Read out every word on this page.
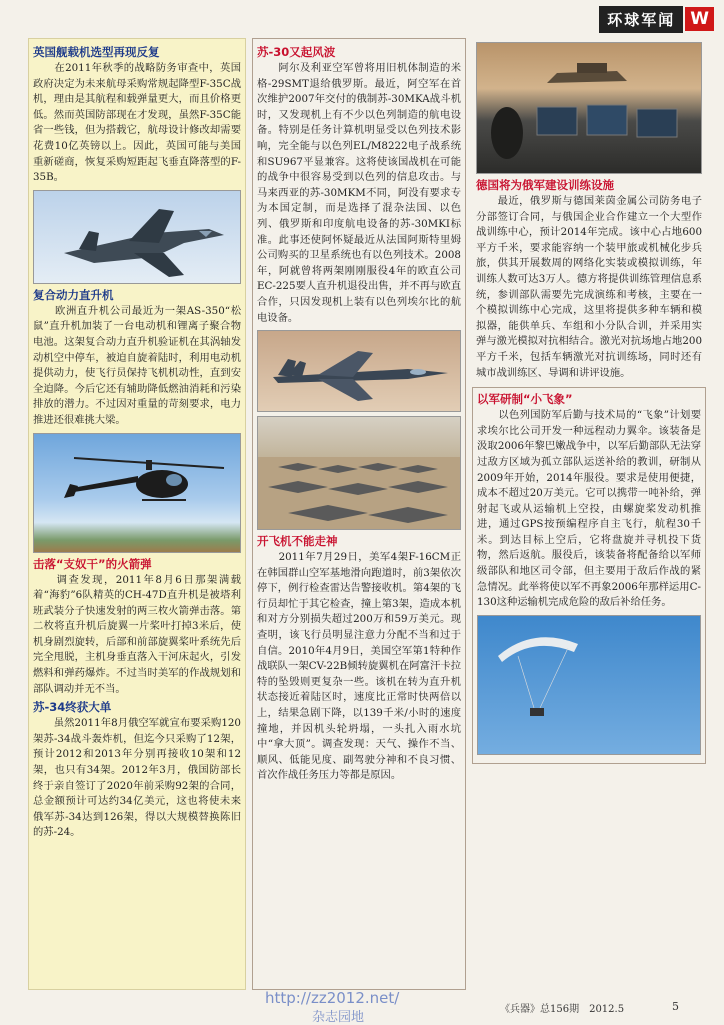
环球军闻 W
英国舰载机选型再现反复
　　在2011年秋季的战略防务审查中，英国政府决定为未来航母采购常规起降型F-35C战机，理由是其航程和载弹量更大，而且价格更低。然而英国防部现在才发现，虽然F-35C能省一些钱，但为搭载它，航母设计修改却需要花费10亿英镑以上。因此，英国可能与美国重新磋商，恢复采购短距起飞垂直降落型的F-35B。
复合动力直升机
　　欧洲直升机公司最近为一架AS-350“松鼠”直升机加装了一台电动机和锂离子聚合物电池。这架复合动力直升机验证机在其涡轴发动机空中停车，被迫自旋着陆时，利用电动机提供动力，使飞行员保持飞机机动性，直到安全迫降。今后它还有辅助降低燃油消耗和污染排放的潜力。不过因对重量的苛刻要求，电力推进还很难挑大梁。
击落“支奴干”的火箭弹
　　调查发现，2011年8月6日那架满载着“海豹”6队精英的CH-47D直升机是被塔利班武装分子快速发射的两三枚火箭弹击落。第二枚将直升机后旋翼一片桨叶打掉3米后，使机身剧烈旋转，后部和前部旋翼桨叶系统先后完全甩脱，主机身垂直落入干河床起火，引发燃料和弹药爆炸。不过当时美军的作战规划和部队调动并无不当。
苏-34终获大单
　　虽然2011年8月俄空军就宣布要采购120架苏-34战斗轰炸机，但迄今只采购了12架，预计2012和2013年分别再接收10架和12架，也只有34架。2012年3月，俄国防部长终于亲自签订了2020年前采购92架的合同，总金额预计可达约34亿美元，这也将使未来俄军苏-34达到126架，得以大规模替换陈旧的苏-24。
苏-30又起风波
　　阿尔及利亚空军曾将用旧机体制造的米格-29SMT退给俄罗斯。最近，阿空军在首次维护2007年交付的俄制苏-30MKA战斗机时，又发现机上有不少以色列制造的航电设备。特别是任务计算机明显受以色列技术影响，完全能与以色列EL/M8222电子战系统和SU967平显兼容。这将使该国战机在可能的战争中很容易受到以色列的信息攻击。与马来西亚的苏-30MKM不同，阿没有要求专为本国定制，而是选择了混杂法国、以色列、俄罗斯和印度航电设备的苏-30MKI标准。此事还使阿怀疑最近从法国阿斯特里姆公司购买的卫星系统也有以色列技术。2008年，阿就曾将两架刚刚服役4年的欧直公司EC-225要人直升机退役出售，并不再与欧直合作，只因发现机上装有以色列埃尔比的航电设备。
开飞机不能走神
　　2011年7月29日，美军4架F-16CM正在韩国群山空军基地滑向跑道时，前3架依次停下，例行检查雷达告警接收机。第4架的飞行员却忙于其它检查，撞上第3架，造成本机和对方分别损失超过200万和59万美元。现查明，该飞行员明显注意力分配不当和过于自信。2010年4月9日，美国空军第1特种作战联队一架CV-22B倾转旋翼机在阿富汗卡拉特的坠毁则更复杂一些。该机在转为直升机状态接近着陆区时，速度比正常时快两倍以上，结果急剧下降，以139千米/小时的速度撞地，并因机头轮坍塌，一头扎入雨水坑中“拿大顶”。调查发现：天气、操作不当、顺风、低能见度、副驾驶分神和不良习惯、首次作战任务压力等都是原因。
德国将为俄军建设训练设施
　　最近，俄罗斯与德国莱茵金属公司防务电子分部签订合同，与俄国企业合作建立一个大型作战训练中心，预计2014年完成。该中心占地600平方千米，要求能容纳一个装甲旅或机械化步兵旅，供其开展数周的网络化实装或模拟训练，年训练人数可达3万人。德方将提供训练管理信息系统，参训部队需要先完成演练和考核，主要在一个模拟训练中心完成，这里将提供多种车辆和模拟器，能供单兵、车组和小分队合训，并采用实弹与激光模拟对抗相结合。激光对抗场地占地200平方千米，包括车辆激光对抗训练场，同时还有城市战训练区、导调和讲评设施。
以军研制“小飞象”
　　以色列国防军后勤与技术局的“飞象”计划要求埃尔比公司开发一种远程动力翼伞。该装备是汲取2006年黎巴嫩战争中，以军后勤部队无法穿过敌方区域为孤立部队运送补给的教训，研制从2009年开始，2014年服役。要求是使用便捷，成本不超过20万美元。它可以携带一吨补给，弹射起飞或从运输机上空投，由螺旋桨发动机推进，通过GPS按预编程序自主飞行，航程30千米。到达目标上空后，它将盘旋并寻机投下货物，然后返航。服役后，该装备将配备给以军师级部队和地区司令部，但主要用于敌后作战的紧急情况。此举将使以军不再象2006年那样运用C-130这种运输机完成危险的敌后补给任务。
http://zz2012.net/
杂志园地
《兵器》总156期　2012.5	5
